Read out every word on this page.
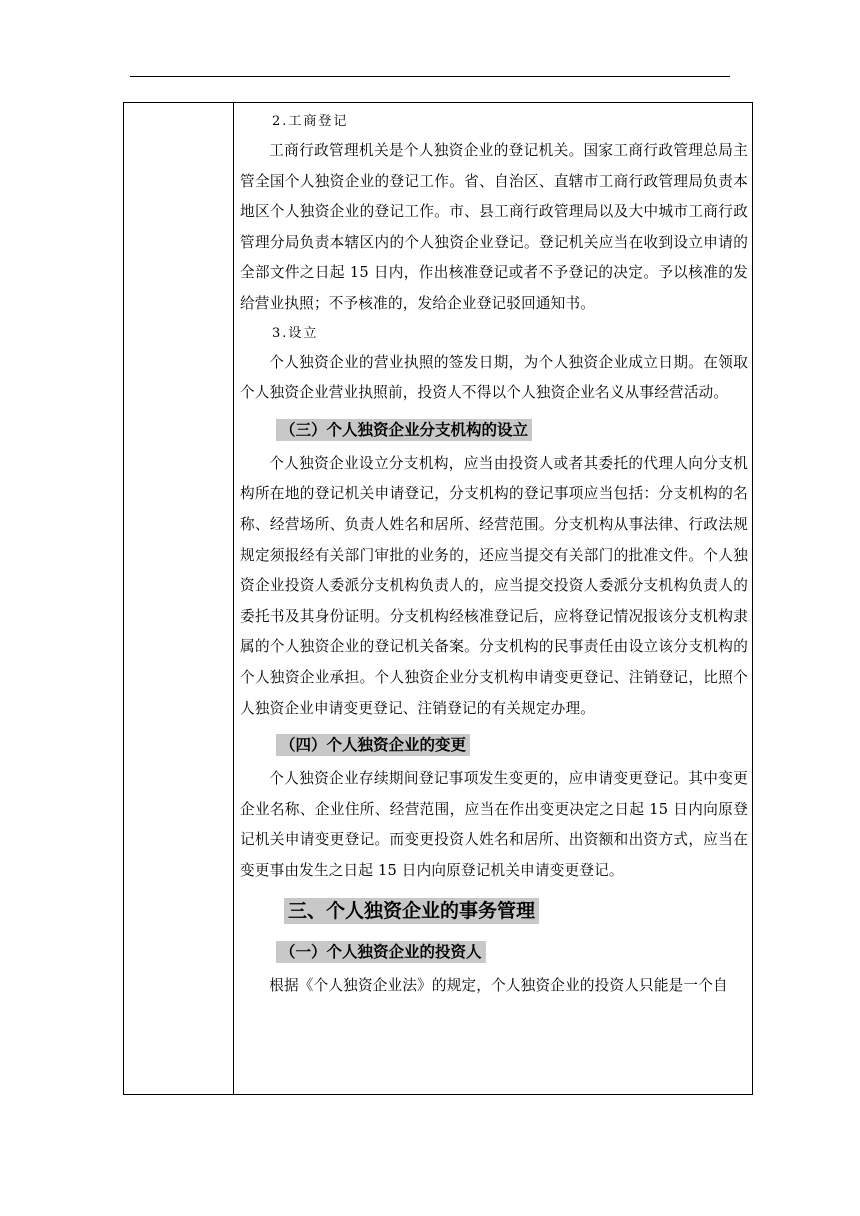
2.工商登记

工商行政管理机关是个人独资企业的登记机关。国家工商行政管理总局主管全国个人独资企业的登记工作。省、自治区、直辖市工商行政管理局负责本地区个人独资企业的登记工作。市、县工商行政管理局以及大中城市工商行政管理分局负责本辖区内的个人独资企业登记。登记机关应当在收到设立申请的全部文件之日起 15 日内，作出核准登记或者不予登记的决定。予以核准的发给营业执照；不予核准的，发给企业登记驳回通知书。

3.设立

个人独资企业的营业执照的签发日期，为个人独资企业成立日期。在领取个人独资企业营业执照前，投资人不得以个人独资企业名义从事经营活动。

（三）个人独资企业分支机构的设立

个人独资企业设立分支机构，应当由投资人或者其委托的代理人向分支机构所在地的登记机关申请登记，分支机构的登记事项应当包括：分支机构的名称、经营场所、负责人姓名和居所、经营范围。分支机构从事法律、行政法规规定须报经有关部门审批的业务的，还应当提交有关部门的批准文件。个人独资企业投资人委派分支机构负责人的，应当提交投资人委派分支机构负责人的委托书及其身份证明。分支机构经核准登记后，应将登记情况报该分支机构隶属的个人独资企业的登记机关备案。分支机构的民事责任由设立该分支机构的个人独资企业承担。个人独资企业分支机构申请变更登记、注销登记，比照个人独资企业申请变更登记、注销登记的有关规定办理。

（四）个人独资企业的变更

个人独资企业存续期间登记事项发生变更的，应申请变更登记。其中变更企业名称、企业住所、经营范围，应当在作出变更决定之日起 15 日内向原登记机关申请变更登记。而变更投资人姓名和居所、出资额和出资方式，应当在变更事由发生之日起 15 日内向原登记机关申请变更登记。

三、个人独资企业的事务管理
（一）个人独资企业的投资人

根据《个人独资企业法》的规定，个人独资企业的投资人只能是一个自
